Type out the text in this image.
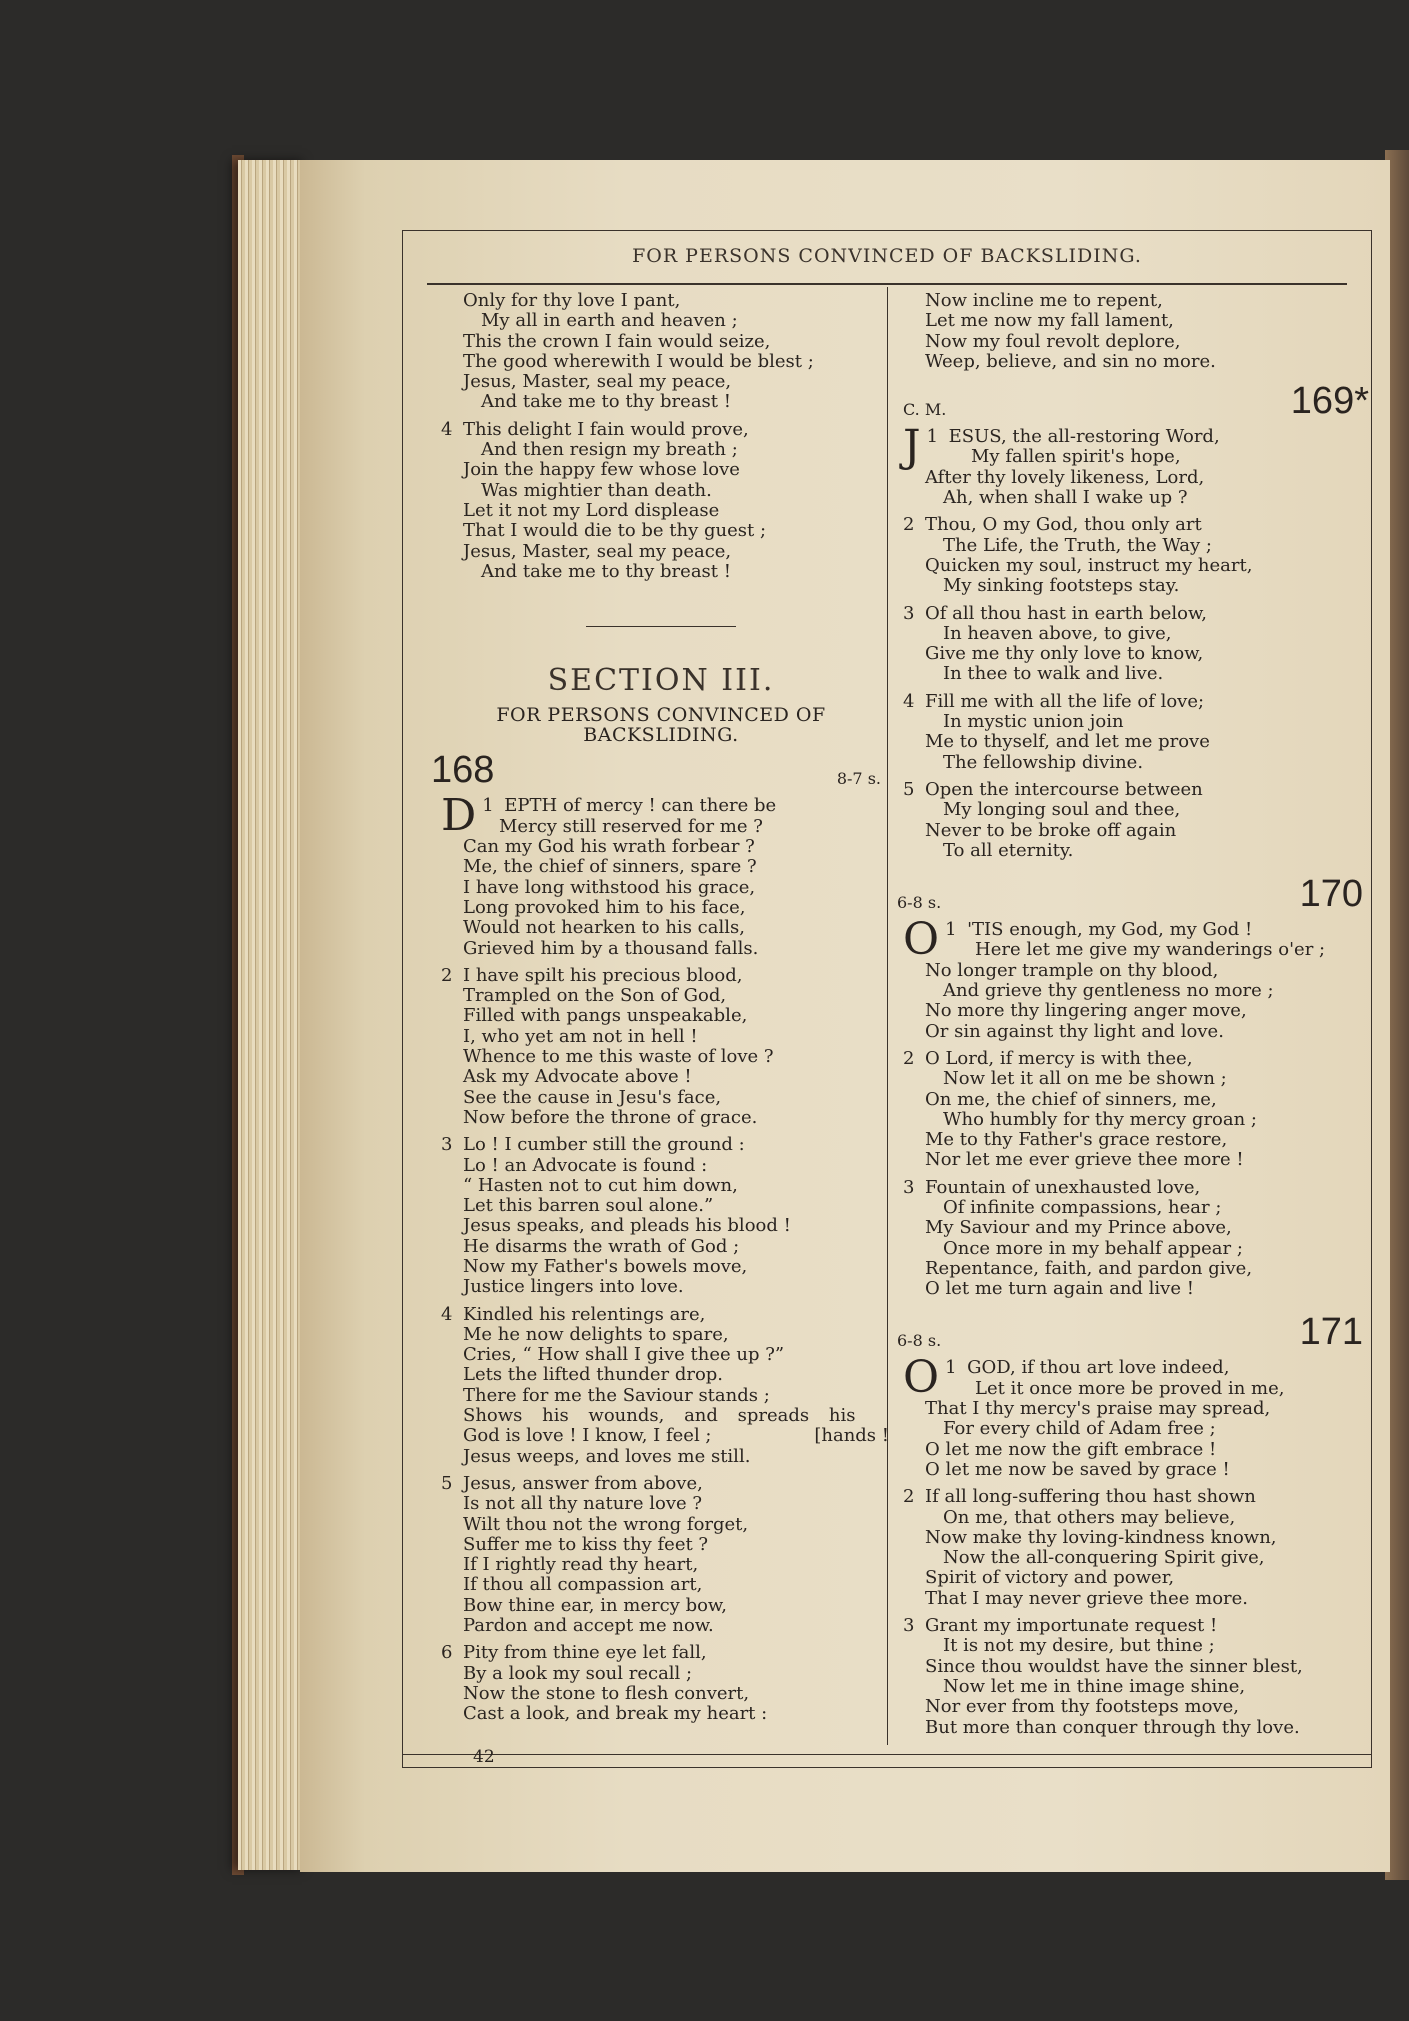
FOR PERSONS CONVINCED OF BACKSLIDING.
Only for thy love I pant,
My all in earth and heaven ;
This the crown I fain would seize,
The good wherewith I would be blest ;
Jesus, Master, seal my peace,
And take me to thy breast !
4 This delight I fain would prove,
And then resign my breath ;
Join the happy few whose love
Was mightier than death.
Let it not my Lord displease
That I would die to be thy guest ;
Jesus, Master, seal my peace,
And take me to thy breast !
SECTION III.
FOR PERSONS CONVINCED OF
BACKSLIDING.
168	8-7 s.
1
D EPTH of mercy ! can there be
Mercy still reserved for me ?
Can my God his wrath forbear ?
Me, the chief of sinners, spare ?
I have long withstood his grace,
Long provoked him to his face,
Would not hearken to his calls,
Grieved him by a thousand falls.
2 I have spilt his precious blood,
Trampled on the Son of God,
Filled with pangs unspeakable,
I, who yet am not in hell !
Whence to me this waste of love ?
Ask my Advocate above !
See the cause in Jesu's face,
Now before the throne of grace.
3 Lo ! I cumber still the ground :
Lo ! an Advocate is found :
“ Hasten not to cut him down,
Let this barren soul alone.”
Jesus speaks, and pleads his blood !
He disarms the wrath of God ;
Now my Father's bowels move,
Justice lingers into love.
4 Kindled his relentings are,
Me he now delights to spare,
Cries, “ How shall I give thee up ?”
Lets the lifted thunder drop.
There for me the Saviour stands ;
Shows his wounds, and spreads his
God is love ! I know, I feel ;	[hands !
Jesus weeps, and loves me still.
5 Jesus, answer from above,
Is not all thy nature love ?
Wilt thou not the wrong forget,
Suffer me to kiss thy feet ?
If I rightly read thy heart,
If thou all compassion art,
Bow thine ear, in mercy bow,
Pardon and accept me now.
6 Pity from thine eye let fall,
By a look my soul recall ;
Now the stone to flesh convert,
Cast a look, and break my heart :
42
Now incline me to repent,
Let me now my fall lament,
Now my foul revolt deplore,
Weep, believe, and sin no more.
C. M.	169*
1
J ESUS, the all-restoring Word,
My fallen spirit's hope,
After thy lovely likeness, Lord,
Ah, when shall I wake up ?
2 Thou, O my God, thou only art
The Life, the Truth, the Way ;
Quicken my soul, instruct my heart,
My sinking footsteps stay.
3 Of all thou hast in earth below,
In heaven above, to give,
Give me thy only love to know,
In thee to walk and live.
4 Fill me with all the life of love;
In mystic union join
Me to thyself, and let me prove
The fellowship divine.
5 Open the intercourse between
My longing soul and thee,
Never to be broke off again
To all eternity.
6-8 s.	170
1
O 'TIS enough, my God, my God !
Here let me give my wanderings o'er ;
No longer trample on thy blood,
And grieve thy gentleness no more ;
No more thy lingering anger move,
Or sin against thy light and love.
2 O Lord, if mercy is with thee,
Now let it all on me be shown ;
On me, the chief of sinners, me,
Who humbly for thy mercy groan ;
Me to thy Father's grace restore,
Nor let me ever grieve thee more !
3 Fountain of unexhausted love,
Of infinite compassions, hear ;
My Saviour and my Prince above,
Once more in my behalf appear ;
Repentance, faith, and pardon give,
O let me turn again and live !
6-8 s.	171
1
O GOD, if thou art love indeed,
Let it once more be proved in me,
That I thy mercy's praise may spread,
For every child of Adam free ;
O let me now the gift embrace !
O let me now be saved by grace !
2 If all long-suffering thou hast shown
On me, that others may believe,
Now make thy loving-kindness known,
Now the all-conquering Spirit give,
Spirit of victory and power,
That I may never grieve thee more.
3 Grant my importunate request !
It is not my desire, but thine ;
Since thou wouldst have the sinner blest,
Now let me in thine image shine,
Nor ever from thy footsteps move,
But more than conquer through thy love.
